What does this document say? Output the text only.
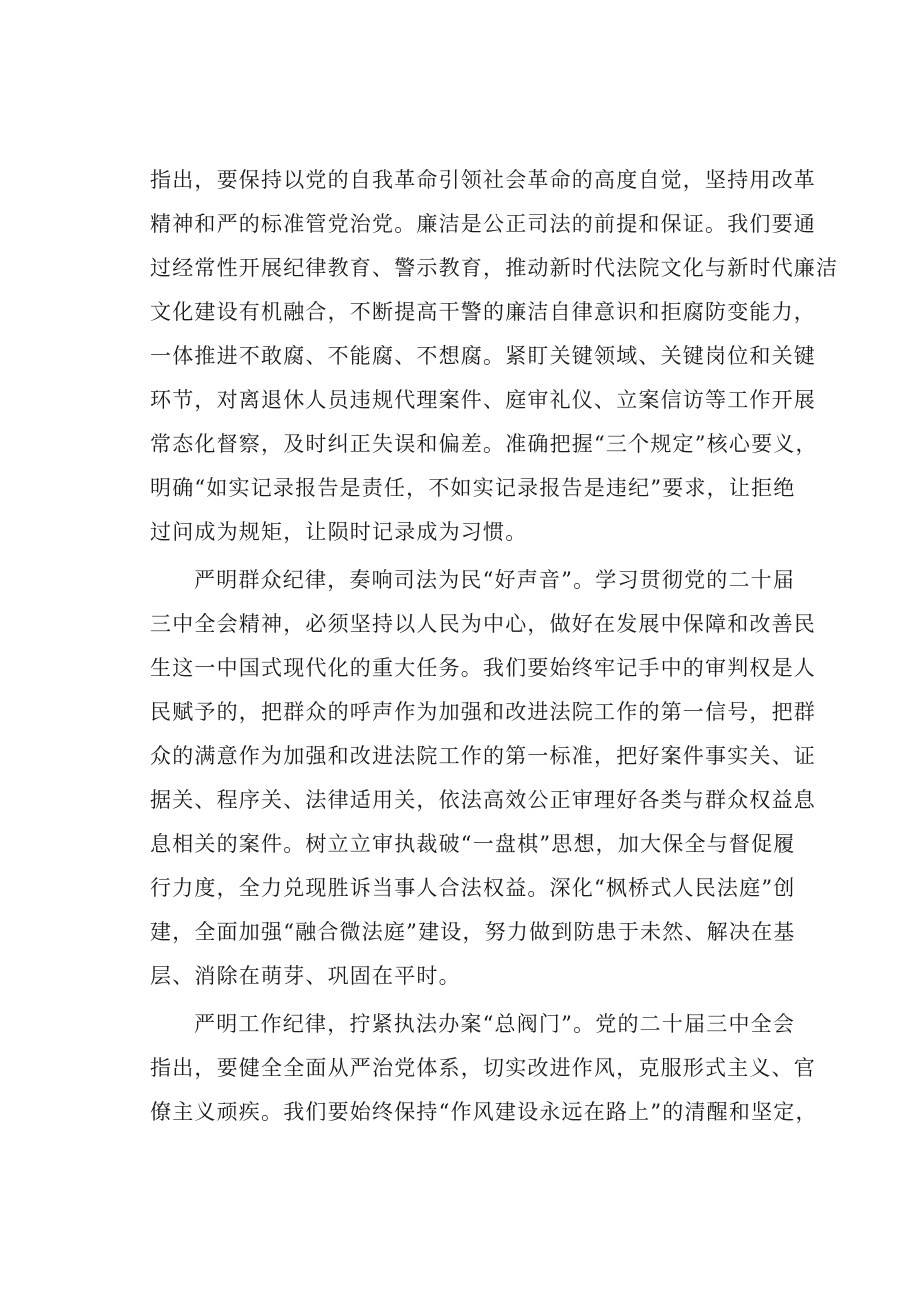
指出，要保持以党的自我革命引领社会革命的高度自觉，坚持用改革
精神和严的标准管党治党。廉洁是公正司法的前提和保证。我们要通
过经常性开展纪律教育、警示教育，推动新时代法院文化与新时代廉洁
文化建设有机融合，不断提高干警的廉洁自律意识和拒腐防变能力，
一体推进不敢腐、不能腐、不想腐。紧盯关键领域、关键岗位和关键
环节，对离退休人员违规代理案件、庭审礼仪、立案信访等工作开展
常态化督察，及时纠正失误和偏差。准确把握“三个规定”核心要义，
明确“如实记录报告是责任，不如实记录报告是违纪”要求，让拒绝
过问成为规矩，让陨时记录成为习惯。
严明群众纪律，奏响司法为民“好声音”。学习贯彻党的二十届
三中全会精神，必须坚持以人民为中心，做好在发展中保障和改善民
生这一中国式现代化的重大任务。我们要始终牢记手中的审判权是人
民赋予的，把群众的呼声作为加强和改进法院工作的第一信号，把群
众的满意作为加强和改进法院工作的第一标准，把好案件事实关、证
据关、程序关、法律适用关，依法高效公正审理好各类与群众权益息
息相关的案件。树立立审执裁破“一盘棋”思想，加大保全与督促履
行力度，全力兑现胜诉当事人合法权益。深化“枫桥式人民法庭”创
建，全面加强“融合微法庭”建设，努力做到防患于未然、解决在基
层、消除在萌芽、巩固在平时。
严明工作纪律，拧紧执法办案“总阀门”。党的二十届三中全会
指出，要健全全面从严治党体系，切实改进作风，克服形式主义、官
僚主义顽疾。我们要始终保持“作风建设永远在路上”的清醒和坚定，
